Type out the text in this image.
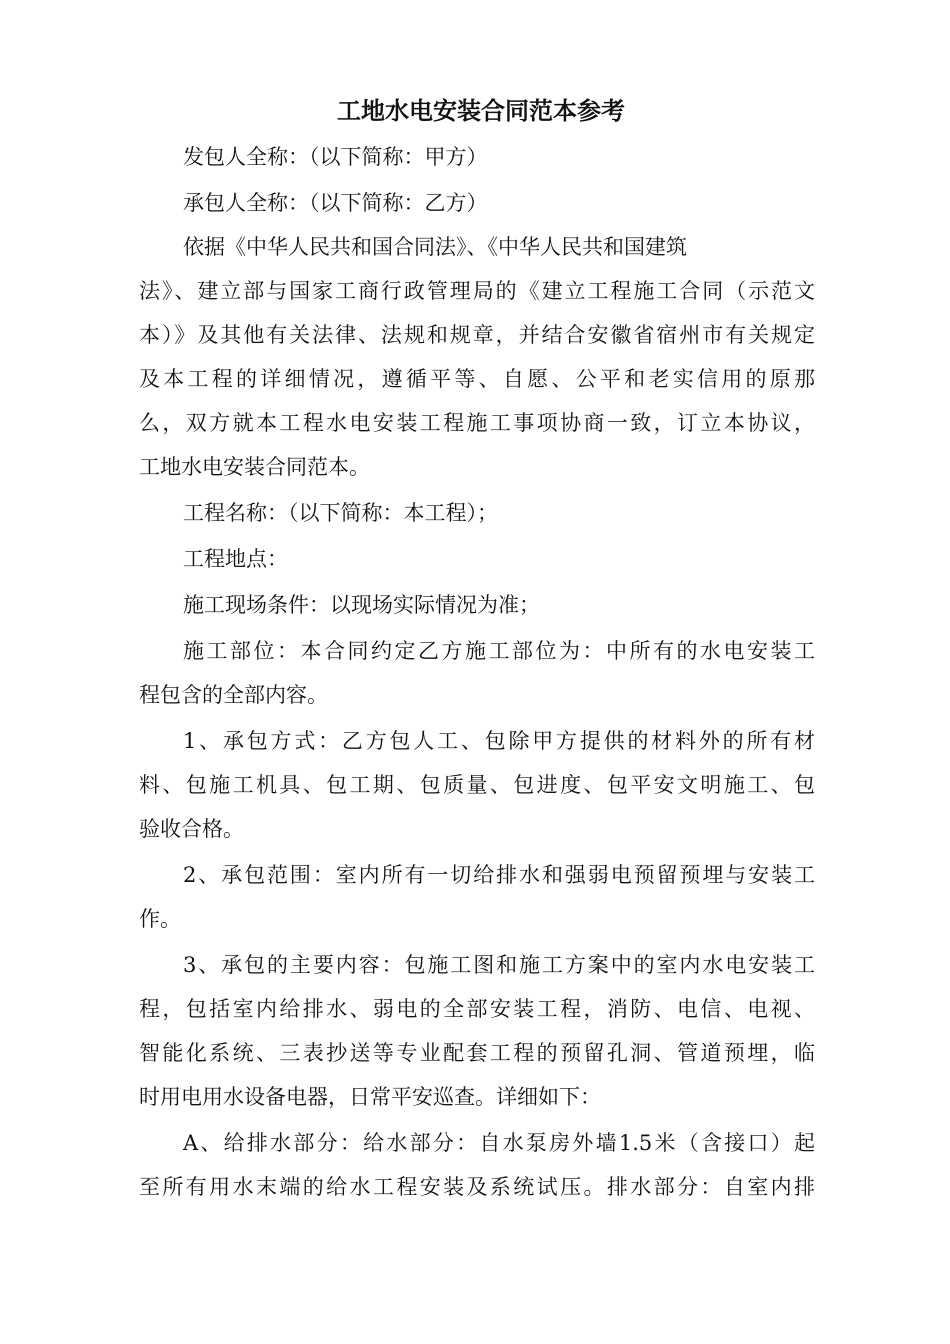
工地水电安装合同范本参考

发包人全称：（以下简称：甲方）

承包人全称：（以下简称：乙方）

依据《中华人民共和国合同法》、《中华人民共和国建筑
法》、建立部与国家工商行政管理局的《建立工程施工合同（示范文
本）》及其他有关法律、法规和规章，并结合安徽省宿州市有关规定
及本工程的详细情况，遵循平等、自愿、公平和老实信用的原那
么，双方就本工程水电安装工程施工事项协商一致，订立本协议，
工地水电安装合同范本。

工程名称：（以下简称：本工程）；

工程地点：

施工现场条件：以现场实际情况为准；

施工部位：本合同约定乙方施工部位为：中所有的水电安装工
程包含的全部内容。

1、承包方式：乙方包人工、包除甲方提供的材料外的所有材
料、包施工机具、包工期、包质量、包进度、包平安文明施工、包
验收合格。

2、承包范围：室内所有一切给排水和强弱电预留预埋与安装工
作。

3、承包的主要内容：包施工图和施工方案中的室内水电安装工
程，包括室内给排水、弱电的全部安装工程，消防、电信、电视、
智能化系统、三表抄送等专业配套工程的预留孔洞、管道预埋，临
时用电用水设备电器，日常平安巡查。详细如下：

A、给排水部分：给水部分：自水泵房外墙1.5米（含接口）起
至所有用水末端的给水工程安装及系统试压。排水部分：自室内排
